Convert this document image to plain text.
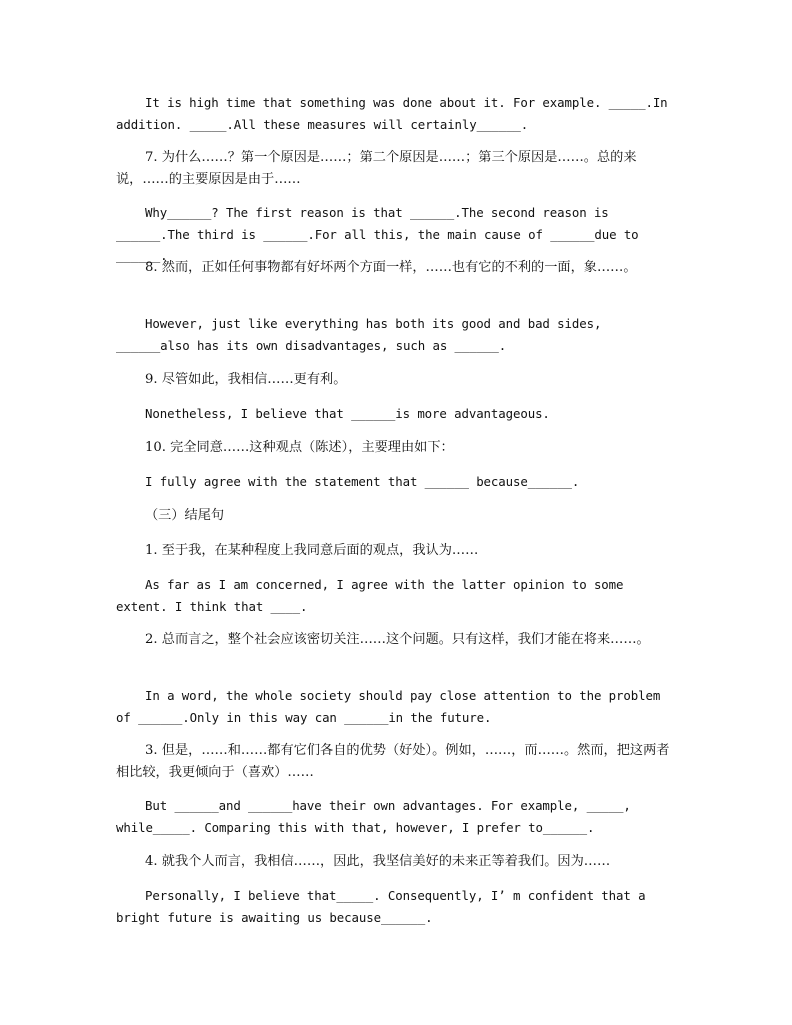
It is high time that something was done about it. For example. _____.In addition. _____.All these measures will certainly______.
7. 为什么……？第一个原因是……；第二个原因是……；第三个原因是……。总的来说，……的主要原因是由于……
Why______? The first reason is that ______.The second reason is ______.The third is ______.For all this, the main cause of ______due to ______.
8. 然而，正如任何事物都有好坏两个方面一样，……也有它的不利的一面，象……。
However, just like everything has both its good and bad sides, ______also has its own disadvantages, such as ______.
9. 尽管如此，我相信……更有利。
Nonetheless, I believe that ______is more advantageous.
10. 完全同意……这种观点（陈述），主要理由如下：
I fully agree with the statement that ______ because______.
（三）结尾句
1. 至于我，在某种程度上我同意后面的观点，我认为……
As far as I am concerned, I agree with the latter opinion to some extent. I think that ____.
2. 总而言之，整个社会应该密切关注……这个问题。只有这样，我们才能在将来……。
In a word, the whole society should pay close attention to the problem of ______.Only in this way can ______in the future.
3. 但是，……和……都有它们各自的优势（好处）。例如，……，而……。然而，把这两者相比较，我更倾向于（喜欢）……
But ______and ______have their own advantages. For example, _____, while_____. Comparing this with that, however, I prefer to______.
4. 就我个人而言，我相信……，因此，我坚信美好的未来正等着我们。因为……
Personally, I believe that_____. Consequently, I’ m confident that a bright future is awaiting us because______.
